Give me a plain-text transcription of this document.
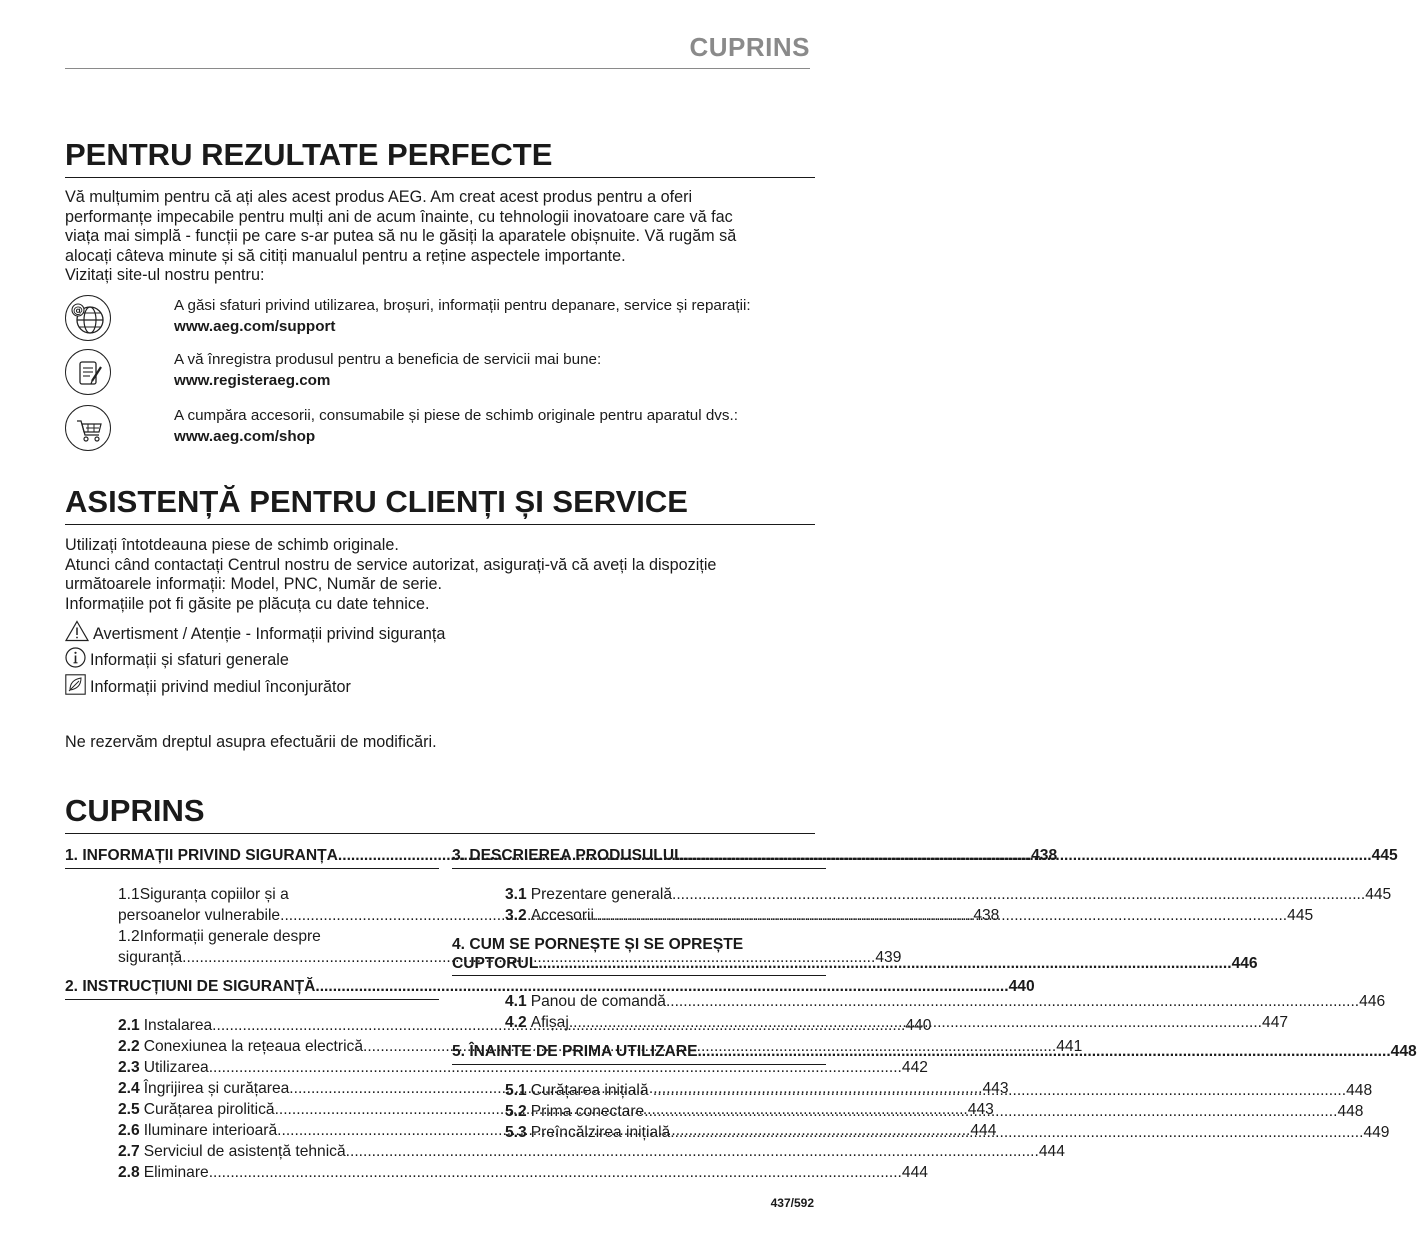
CUPRINS
PENTRU REZULTATE PERFECTE
Vă mulțumim pentru că ați ales acest produs AEG. Am creat acest produs pentru a oferi
performanțe impecabile pentru mulți ani de acum înainte, cu tehnologii inovatoare care vă fac
viața mai simplă - funcții pe care s-ar putea să nu le găsiți la aparatele obișnuite. Vă rugăm să
alocați câteva minute și să citiți manualul pentru a reține aspectele importante.
Vizitați site-ul nostru pentru:
@	A găsi sfaturi privind utilizarea, broșuri, informații pentru depanare, service și reparații:
www.aeg.com/support
A vă înregistra produsul pentru a beneficia de servicii mai bune:
www.registeraeg.com
A cumpăra accesorii, consumabile și piese de schimb originale pentru aparatul dvs.:
www.aeg.com/shop
ASISTENȚĂ PENTRU CLIENȚI ȘI SERVICE
Utilizați întotdeauna piese de schimb originale.
Atunci când contactați Centrul nostru de service autorizat, asigurați-vă că aveți la dispoziție
următoarele informații: Model, PNC, Număr de serie.
Informațiile pot fi găsite pe plăcuța cu date tehnice.
Avertisment / Atenție - Informații privind siguranța
Informații și sfaturi generale
Informații privind mediul înconjurător
Ne rezervăm dreptul asupra efectuării de modificări.
CUPRINS
1. INFORMAȚII PRIVIND SIGURANȚA .....	438
1.1Siguranța copiilor și a
persoanelor vulnerabile .....	438
1.2Informații generale despre
siguranță .....	439
2. INSTRUCȚIUNI DE SIGURANȚĂ .....	440
2.1 Instalarea .....	440
2.2 Conexiunea la rețeaua electrică .....	441
2.3 Utilizarea .....	442
2.4 Îngrijirea și curățarea .....	443
2.5 Curățarea pirolitică .....	443
2.6 Iluminare interioară .....	444
2.7 Serviciul de asistență tehnică .....	444
2.8 Eliminare .....	444
3. DESCRIEREA PRODUSULUI .....	445
3.1 Prezentare generală .....	445
3.2 Accesorii .....	445
4. CUM SE PORNEȘTE ȘI SE OPREȘTE
CUPTORUL .....	446
4.1 Panou de comandă .....	446
4.2 Afișaj .....	447
5. ÎNAINTE DE PRIMA UTILIZARE .....	448
5.1 Curățarea inițială .....	448
5.2 Prima conectare .....	448
5.3 Preîncălzirea inițială .....	449
437/592
